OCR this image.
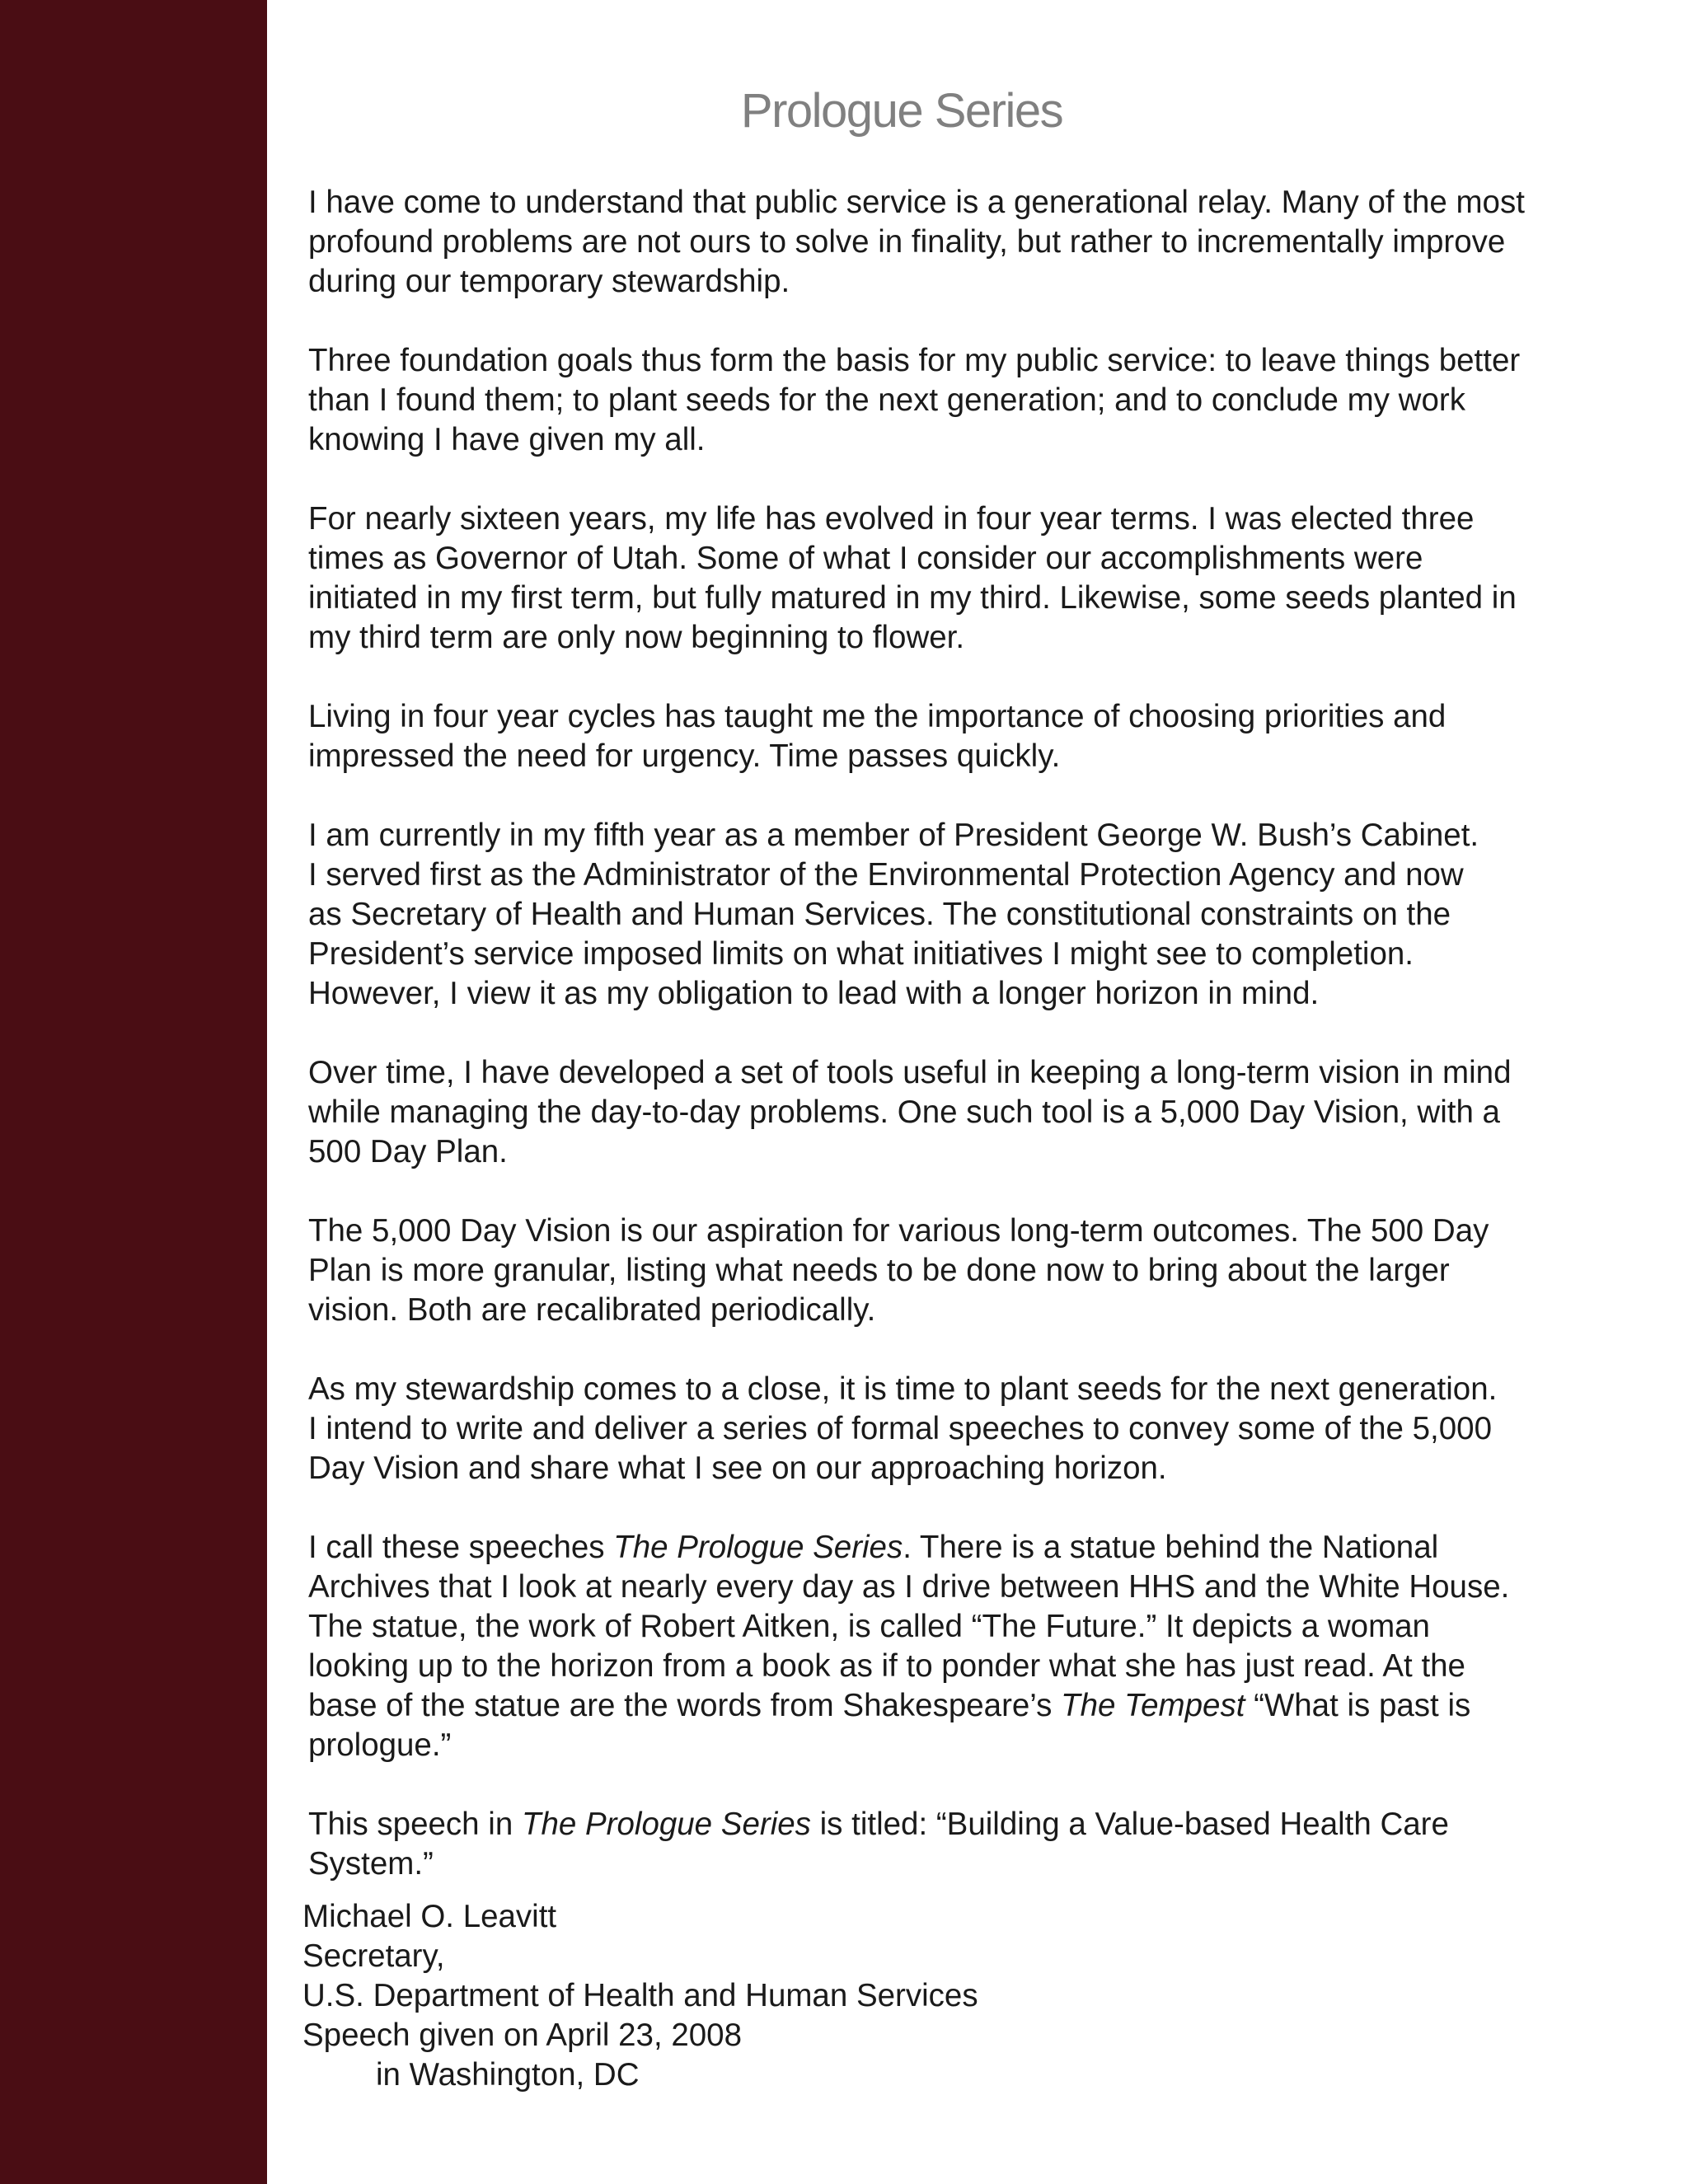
Prologue Series

I have come to understand that public service is a generational relay. Many of the most
profound problems are not ours to solve in finality, but rather to incrementally improve
during our temporary stewardship.

Three foundation goals thus form the basis for my public service: to leave things better
than I found them; to plant seeds for the next generation; and to conclude my work
knowing I have given my all.

For nearly sixteen years, my life has evolved in four year terms. I was elected three
times as Governor of Utah. Some of what I consider our accomplishments were
initiated in my first term, but fully matured in my third. Likewise, some seeds planted in
my third term are only now beginning to flower.

Living in four year cycles has taught me the importance of choosing priorities and
impressed the need for urgency. Time passes quickly.

I am currently in my fifth year as a member of President George W. Bush’s Cabinet.
I served first as the Administrator of the Environmental Protection Agency and now
as Secretary of Health and Human Services. The constitutional constraints on the
President’s service imposed limits on what initiatives I might see to completion.
However, I view it as my obligation to lead with a longer horizon in mind.

Over time, I have developed a set of tools useful in keeping a long-term vision in mind
while managing the day-to-day problems. One such tool is a 5,000 Day Vision, with a
500 Day Plan.

The 5,000 Day Vision is our aspiration for various long-term outcomes. The 500 Day
Plan is more granular, listing what needs to be done now to bring about the larger
vision. Both are recalibrated periodically.

As my stewardship comes to a close, it is time to plant seeds for the next generation.
I intend to write and deliver a series of formal speeches to convey some of the 5,000
Day Vision and share what I see on our approaching horizon.

I call these speeches The Prologue Series. There is a statue behind the National
Archives that I look at nearly every day as I drive between HHS and the White House.
The statue, the work of Robert Aitken, is called “The Future.” It depicts a woman
looking up to the horizon from a book as if to ponder what she has just read. At the
base of the statue are the words from Shakespeare’s The Tempest “What is past is
prologue.”

This speech in The Prologue Series is titled: “Building a Value-based Health Care
System.”

Michael O. Leavitt
Secretary,
U.S. Department of Health and Human Services
Speech given on April 23, 2008
in Washington, DC
